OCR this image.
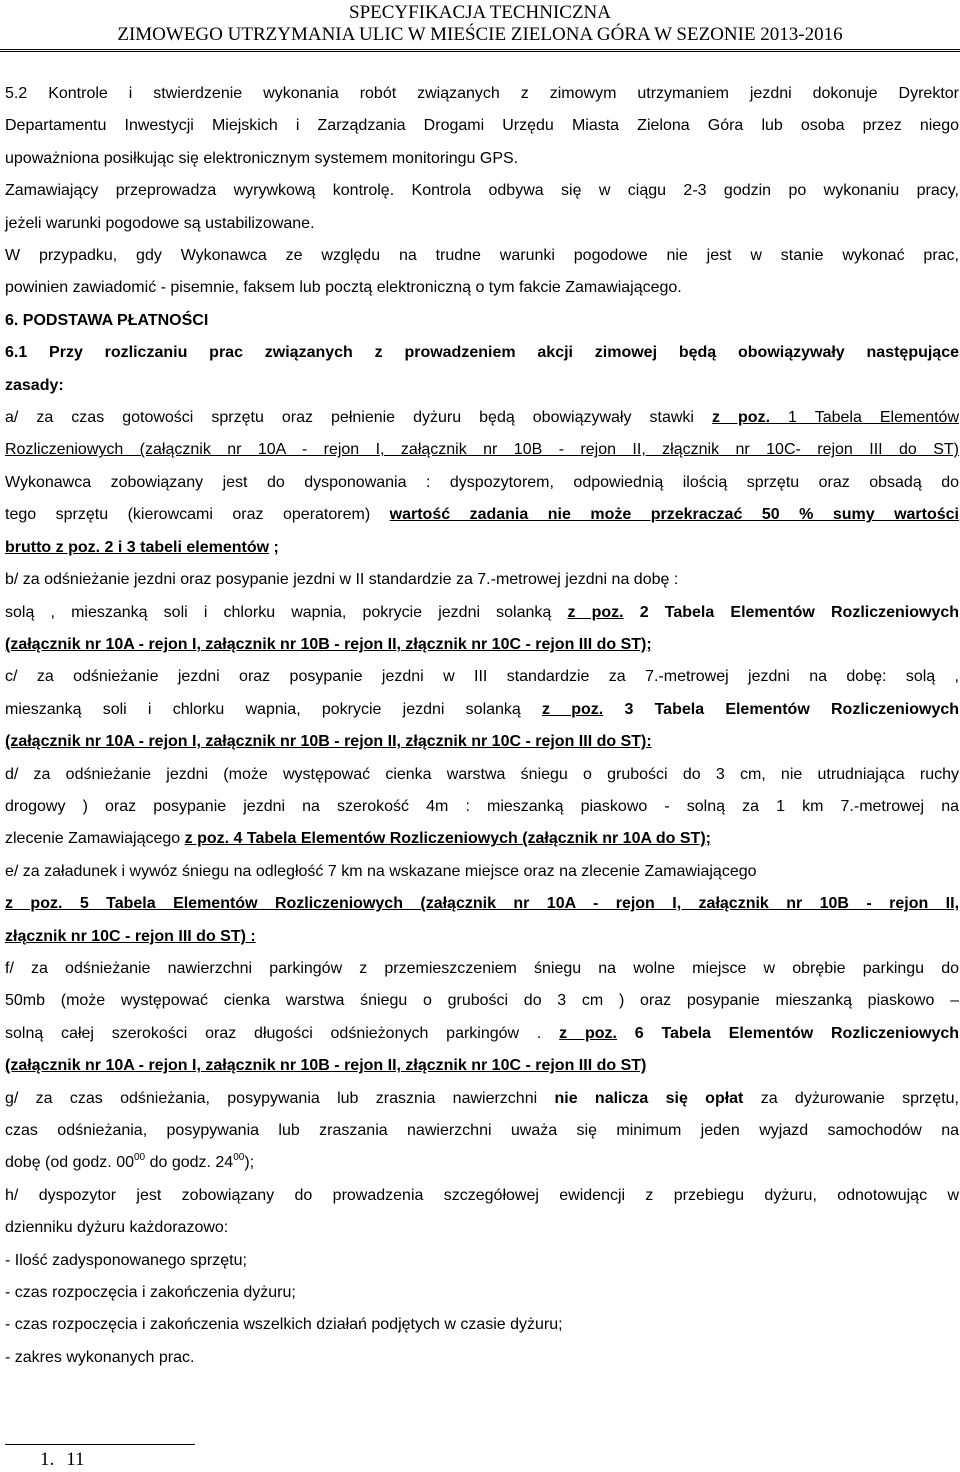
SPECYFIKACJA TECHNICZNA
ZIMOWEGO UTRZYMANIA ULIC W MIEŚCIE ZIELONA GÓRA W SEZONIE 2013-2016

5.2 Kontrole i stwierdzenie wykonania robót związanych z zimowym utrzymaniem jezdni dokonuje Dyrektor

Departamentu Inwestycji Miejskich i Zarządzania Drogami Urzędu Miasta Zielona Góra lub osoba przez niego

upoważniona posiłkując się elektronicznym systemem monitoringu GPS.

Zamawiający przeprowadza wyrywkową kontrolę. Kontrola odbywa się w ciągu 2-3 godzin po wykonaniu pracy,

jeżeli warunki pogodowe są ustabilizowane.

W przypadku, gdy Wykonawca ze względu na trudne warunki pogodowe nie jest w stanie wykonać prac,

powinien zawiadomić - pisemnie, faksem lub pocztą elektroniczną o tym fakcie Zamawiającego.

6. PODSTAWA PŁATNOŚCI

6.1 Przy rozliczaniu prac związanych z prowadzeniem akcji zimowej będą obowiązywały następujące

zasady:

a/ za czas gotowości sprzętu oraz pełnienie dyżuru będą obowiązywały stawki z poz. 1 Tabela Elementów

Rozliczeniowych (załącznik nr 10A - rejon I, załącznik nr 10B - rejon II, złącznik nr 10C- rejon III do ST)

Wykonawca zobowiązany jest do dysponowania : dyspozytorem, odpowiednią ilością sprzętu oraz obsadą do

tego sprzętu (kierowcami oraz operatorem) wartość zadania nie może przekraczać 50 % sumy wartości

brutto z poz. 2 i 3 tabeli elementów ;

b/ za odśnieżanie jezdni oraz posypanie jezdni w II standardzie za 7.-metrowej jezdni na dobę :

solą , mieszanką soli i chlorku wapnia, pokrycie jezdni solanką z poz. 2 Tabela Elementów Rozliczeniowych

(załącznik nr 10A - rejon I, załącznik nr 10B - rejon II, złącznik nr 10C - rejon III do ST);

c/ za odśnieżanie jezdni oraz posypanie jezdni w III standardzie za 7.-metrowej jezdni na dobę: solą ,

mieszanką soli i chlorku wapnia, pokrycie jezdni solanką z poz. 3 Tabela Elementów Rozliczeniowych

(załącznik nr 10A - rejon I, załącznik nr 10B - rejon II, złącznik nr 10C - rejon III do ST):

d/ za odśnieżanie jezdni (może występować cienka warstwa śniegu o grubości do 3 cm, nie utrudniająca ruchy

drogowy ) oraz posypanie jezdni na szerokość 4m : mieszanką piaskowo - solną za 1 km 7.-metrowej na

zlecenie Zamawiającego z poz. 4 Tabela Elementów Rozliczeniowych (załącznik nr 10A do ST);

e/ za załadunek i wywóz śniegu na odległość 7 km na wskazane miejsce oraz na zlecenie Zamawiającego

z poz. 5 Tabela Elementów Rozliczeniowych (załącznik nr 10A - rejon I, załącznik nr 10B - rejon II,

złącznik nr 10C - rejon III do ST) :

f/ za odśnieżanie nawierzchni parkingów z przemieszczeniem śniegu na wolne miejsce w obrębie parkingu do

50mb (może występować cienka warstwa śniegu o grubości do 3 cm ) oraz posypanie mieszanką piaskowo –

solną całej szerokości oraz długości odśnieżonych parkingów . z poz. 6 Tabela Elementów Rozliczeniowych

(załącznik nr 10A - rejon I, załącznik nr 10B - rejon II, złącznik nr 10C - rejon III do ST)

g/ za czas odśnieżania, posypywania lub zrasznia nawierzchni nie nalicza się opłat za dyżurowanie sprzętu,

czas odśnieżania, posypywania lub zraszania nawierzchni uważa się minimum jeden wyjazd samochodów na

dobę (od godz. $00^{00}$ do godz. $24^{00}$);

h/ dyspozytor jest zobowiązany do prowadzenia szczegółowej ewidencji z przebiegu dyżuru, odnotowując w

dzienniku dyżuru każdorazowo:

- Ilość zadysponowanego sprzętu;

- czas rozpoczęcia i zakończenia dyżuru;

- czas rozpoczęcia i zakończenia wszelkich działań podjętych w czasie dyżuru;

- zakres wykonanych prac.

1. 11
